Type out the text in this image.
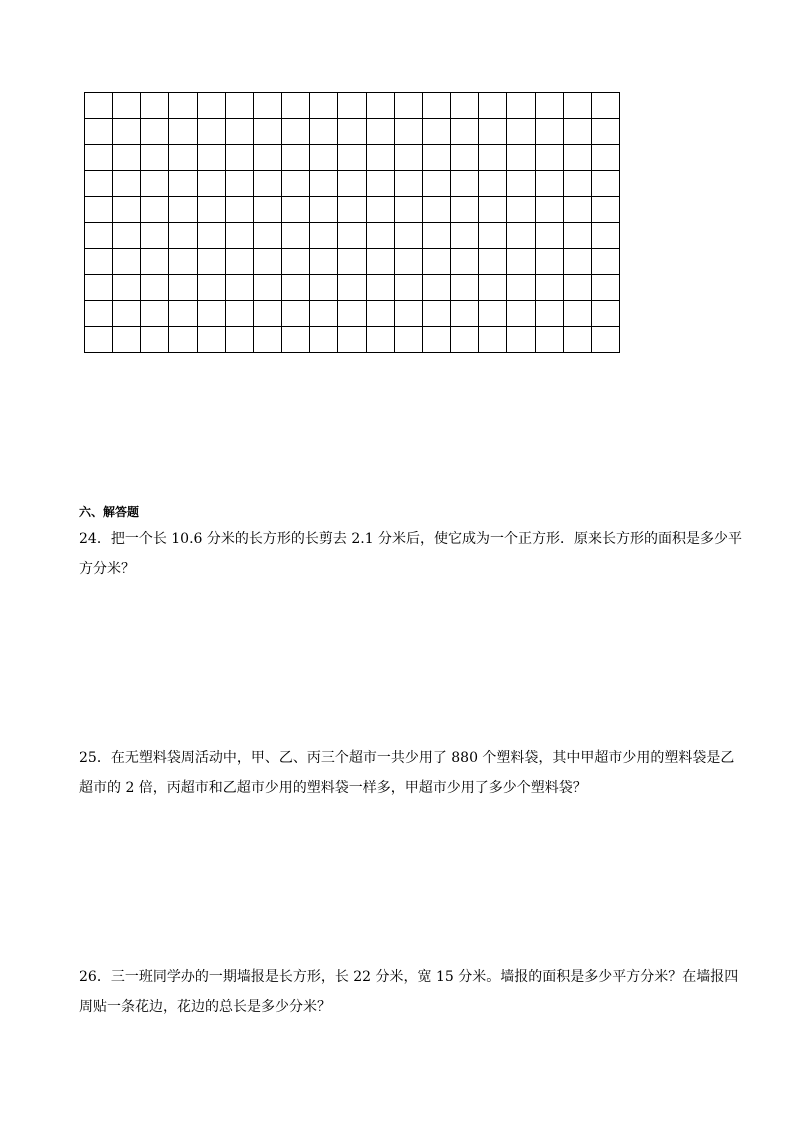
六、解答题
24．把一个长 10.6 分米的长方形的长剪去 2.1 分米后，使它成为一个正方形．原来长方形的面积是多少平
方分米？
25．在无塑料袋周活动中，甲、乙、丙三个超市一共少用了 880 个塑料袋，其中甲超市少用的塑料袋是乙
超市的 2 倍，丙超市和乙超市少用的塑料袋一样多，甲超市少用了多少个塑料袋？
26．三一班同学办的一期墙报是长方形，长 22 分米，宽 15 分米。墙报的面积是多少平方分米？在墙报四
周贴一条花边，花边的总长是多少分米？
